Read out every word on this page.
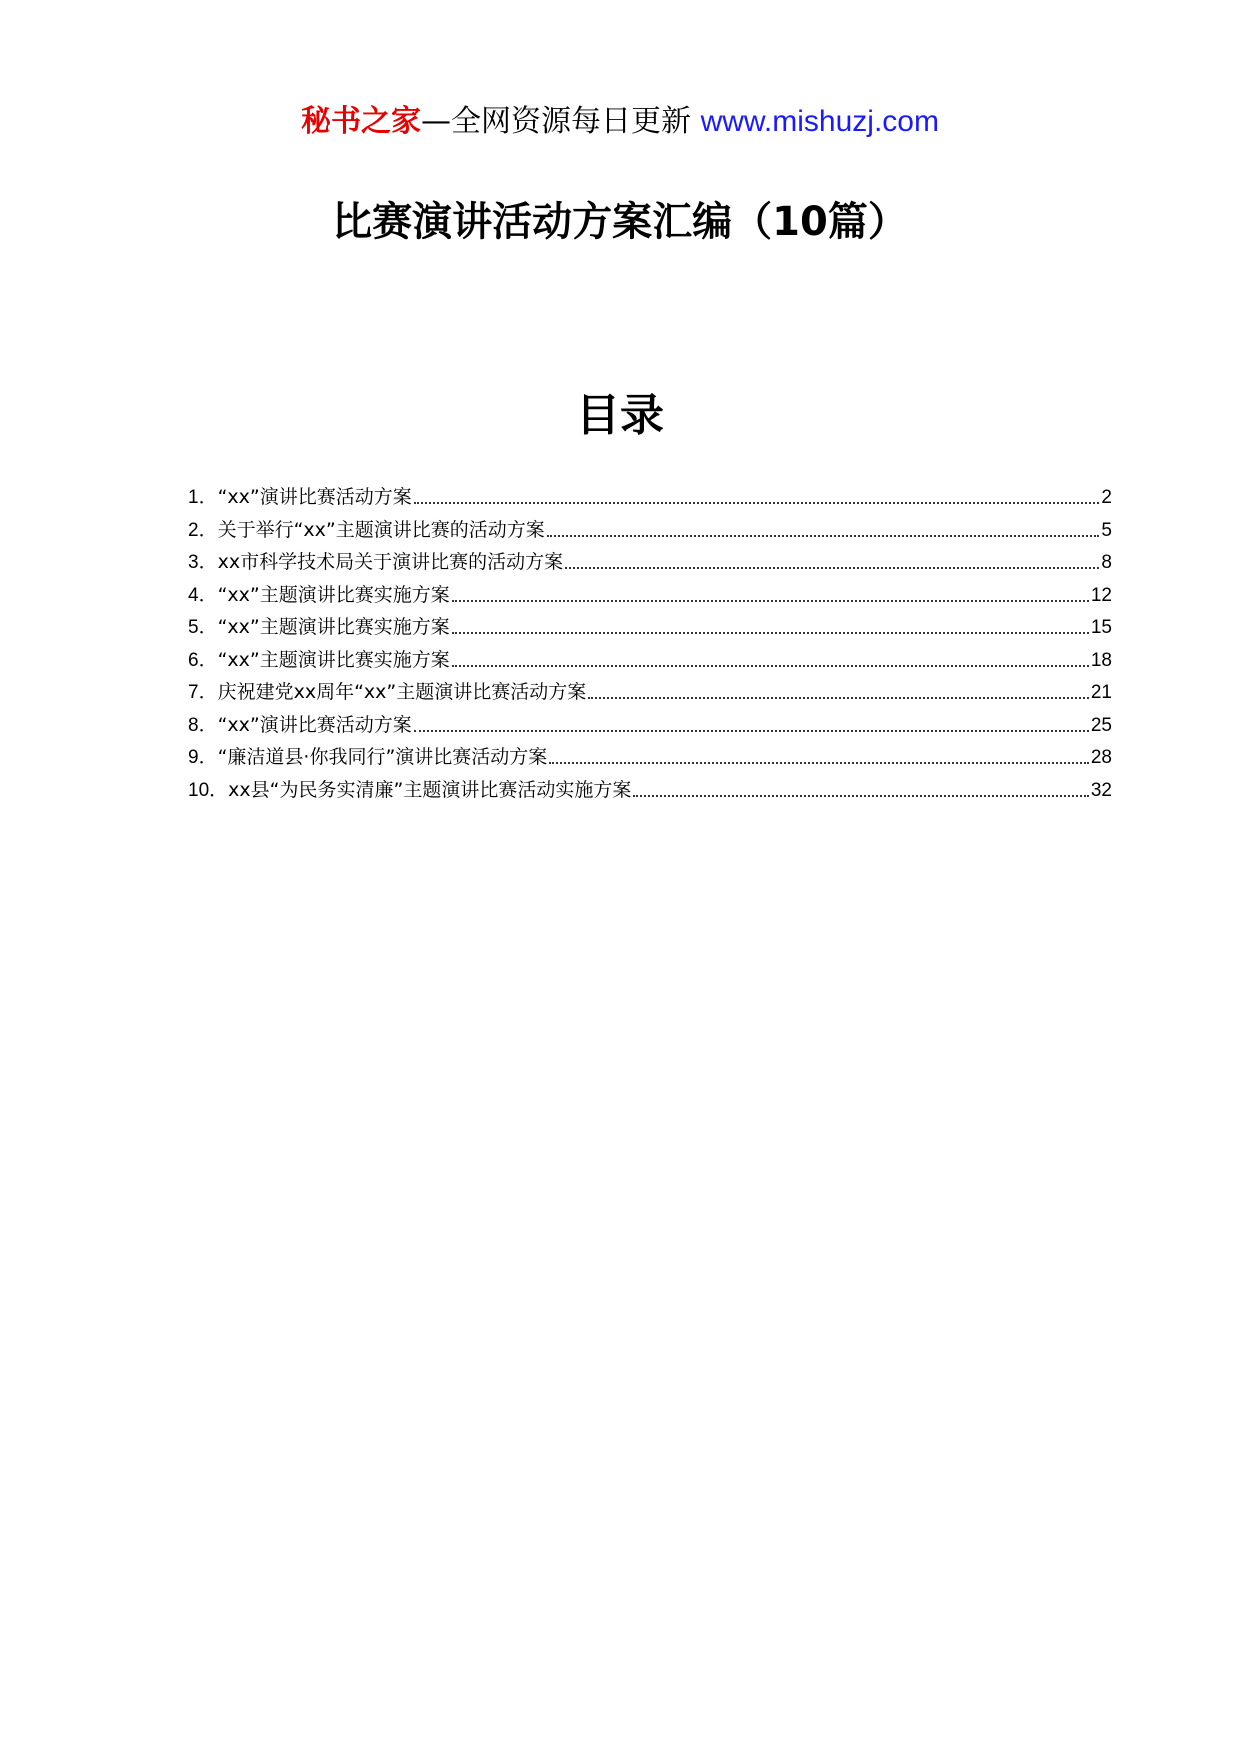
秘书之家—全网资源每日更新 www.mishuzj.com
比赛演讲活动方案汇编（10篇）
目录
1． “xx”演讲比赛活动方案	2
2． 关于举行“xx”主题演讲比赛的活动方案	5
3． xx市科学技术局关于演讲比赛的活动方案	8
4． “xx”主题演讲比赛实施方案	12
5． “xx”主题演讲比赛实施方案	15
6． “xx”主题演讲比赛实施方案	18
7． 庆祝建党xx周年“xx”主题演讲比赛活动方案	21
8． “xx”演讲比赛活动方案	25
9． “廉洁道县·你我同行”演讲比赛活动方案	28
10． xx县“为民务实清廉”主题演讲比赛活动实施方案	32
